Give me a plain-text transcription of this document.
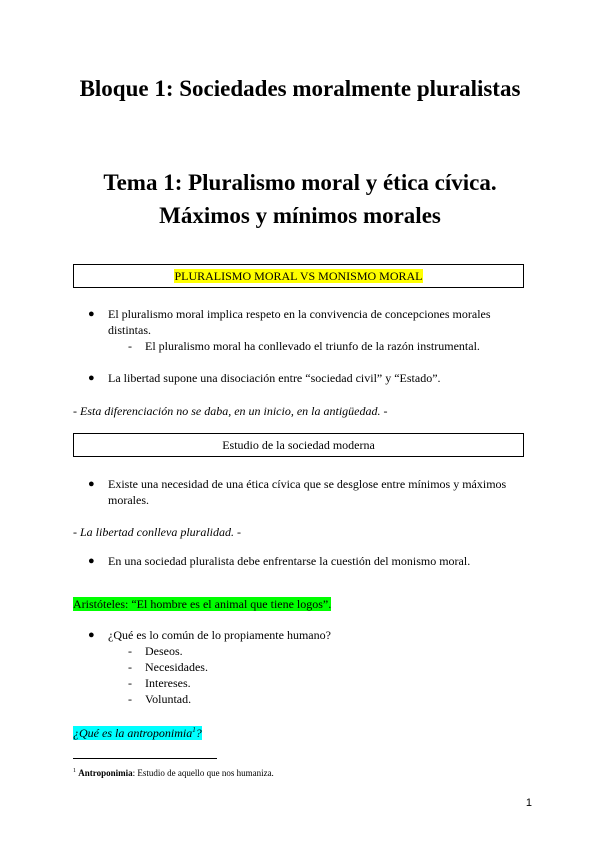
Bloque 1: Sociedades moralmente pluralistas
Tema 1: Pluralismo moral y ética cívica. Máximos y mínimos morales
PLURALISMO MORAL VS MONISMO MORAL
●	El pluralismo moral implica respeto en la convivencia de concepciones morales distintas.
- El pluralismo moral ha conllevado el triunfo de la razón instrumental.
●	La libertad supone una disociación entre “sociedad civil” y “Estado”.
- Esta diferenciación no se daba, en un inicio, en la antigüedad. -
Estudio de la sociedad moderna
●	Existe una necesidad de una ética cívica que se desglose entre mínimos y máximos morales.
- La libertad conlleva pluralidad. -
●	En una sociedad pluralista debe enfrentarse la cuestión del monismo moral.
Aristóteles: “El hombre es el animal que tiene logos”.
●	¿Qué es lo común de lo propiamente humano?
- Deseos.
- Necesidades.
- Intereses.
- Voluntad.
¿Qué es la antroponimia$^1$?
$^1$ Antroponimia: Estudio de aquello que nos humaniza.
1
